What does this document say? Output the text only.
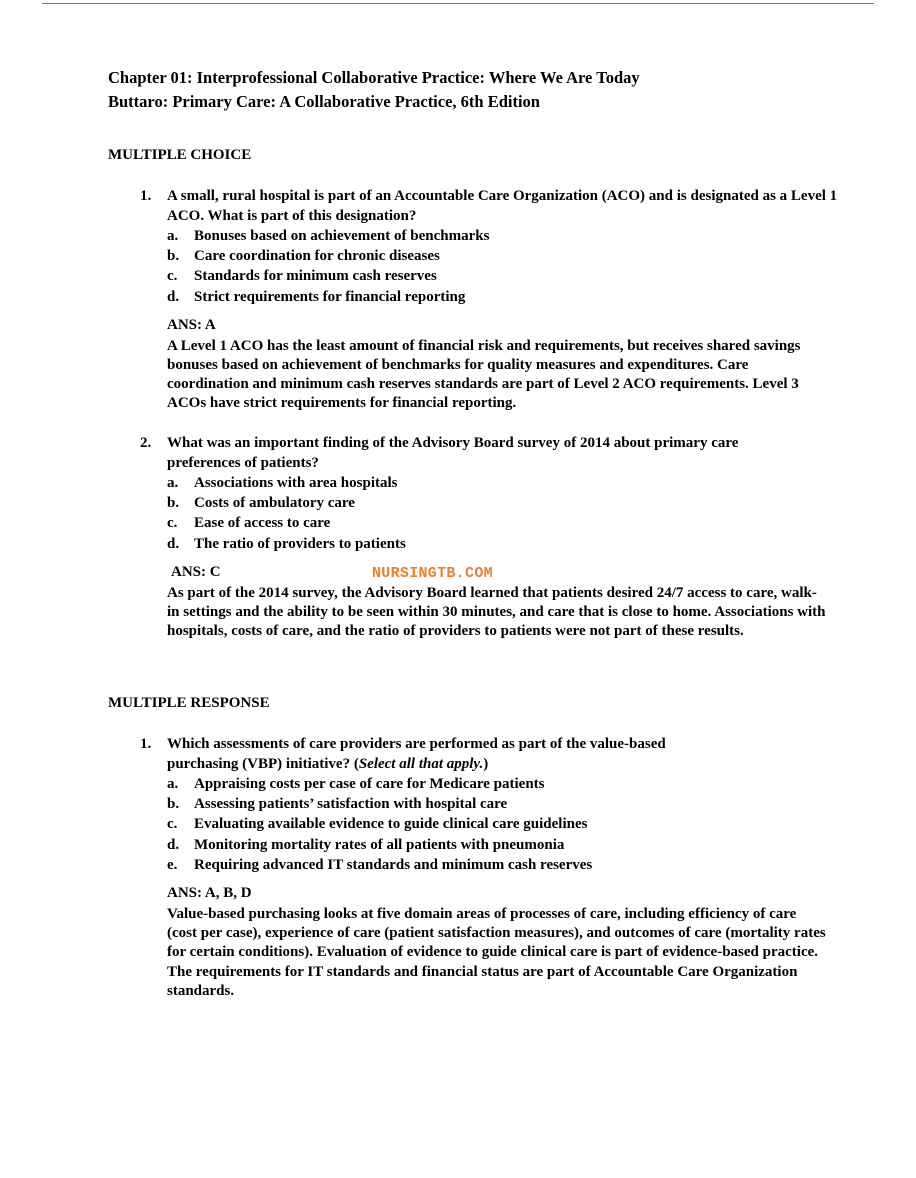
Chapter 01: Interprofessional Collaborative Practice: Where We Are Today
Buttaro: Primary Care: A Collaborative Practice, 6th Edition
MULTIPLE CHOICE
1.	A small, rural hospital is part of an Accountable Care Organization (ACO) and is designated as a Level 1 ACO. What is part of this designation?
a.	Bonuses based on achievement of benchmarks
b. Care coordination for chronic diseases
c.	Standards for minimum cash reserves
d. Strict requirements for financial reporting
ANS: A
A Level 1 ACO has the least amount of financial risk and requirements, but receives shared savings bonuses based on achievement of benchmarks for quality measures and expenditures. Care coordination and minimum cash reserves standards are part of Level 2 ACO requirements. Level 3 ACOs have strict requirements for financial reporting.
2.	What was an important finding of the Advisory Board survey of 2014 about primary care preferences of patients?
a.	Associations with area hospitals
b. Costs of ambulatory care
c.	Ease of access to care
d. The ratio of providers to patients
ANS: C
As part of the 2014 survey, the Advisory Board learned that patients desired 24/7 access to care, walk-in settings and the ability to be seen within 30 minutes, and care that is close to home. Associations with hospitals, costs of care, and the ratio of providers to patients were not part of these results.
NURSINGTB.COM
MULTIPLE RESPONSE
1.	Which assessments of care providers are performed as part of the value-based purchasing (VBP) initiative? (Select all that apply.)
a.	Appraising costs per case of care for Medicare patients
b. Assessing patients’ satisfaction with hospital care
c.	Evaluating available evidence to guide clinical care guidelines
d. Monitoring mortality rates of all patients with pneumonia
e.	Requiring advanced IT standards and minimum cash reserves
ANS: A, B, D
Value-based purchasing looks at five domain areas of processes of care, including efficiency of care (cost per case), experience of care (patient satisfaction measures), and outcomes of care (mortality rates for certain conditions). Evaluation of evidence to guide clinical care is part of evidence-based practice. The requirements for IT standards and financial status are part of Accountable Care Organization standards.
